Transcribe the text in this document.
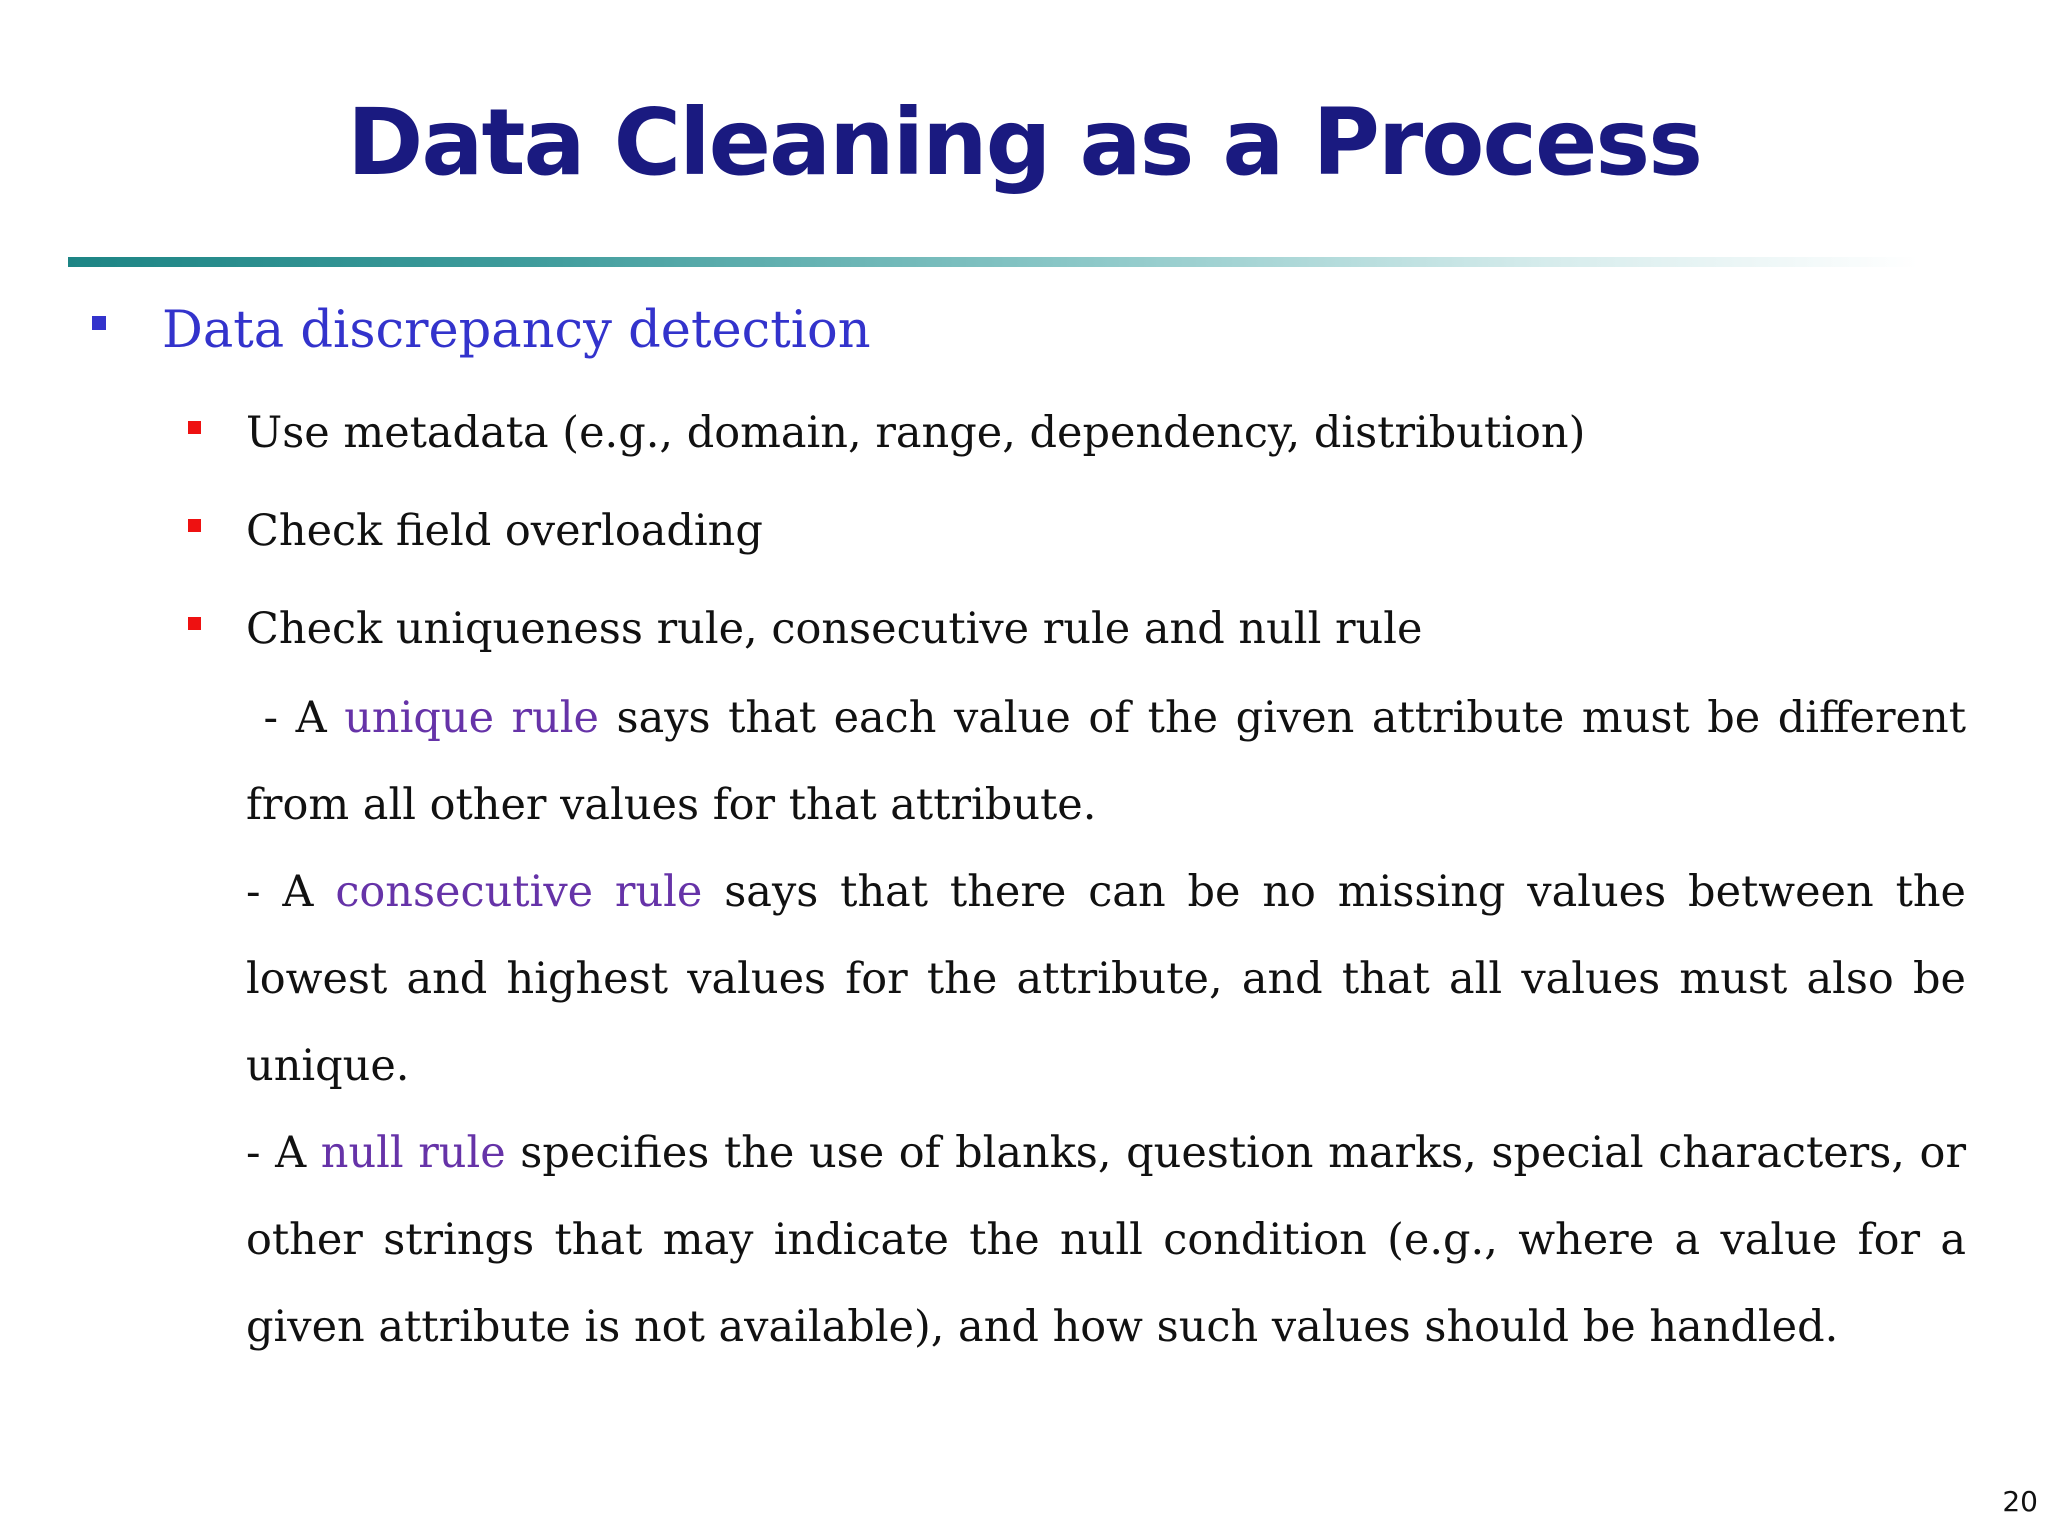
Data Cleaning as a Process
Data discrepancy detection
Use metadata (e.g., domain, range, dependency, distribution)
Check field overloading
Check uniqueness rule, consecutive rule and null rule
- A unique rule says that each value of the given attribute must be different from all other values for that attribute.
- A consecutive rule says that there can be no missing values between the lowest and highest values for the attribute, and that all values must also be unique.
- A null rule specifies the use of blanks, question marks, special characters, or other strings that may indicate the null condition (e.g., where a value for a given attribute is not available), and how such values should be handled.
20
